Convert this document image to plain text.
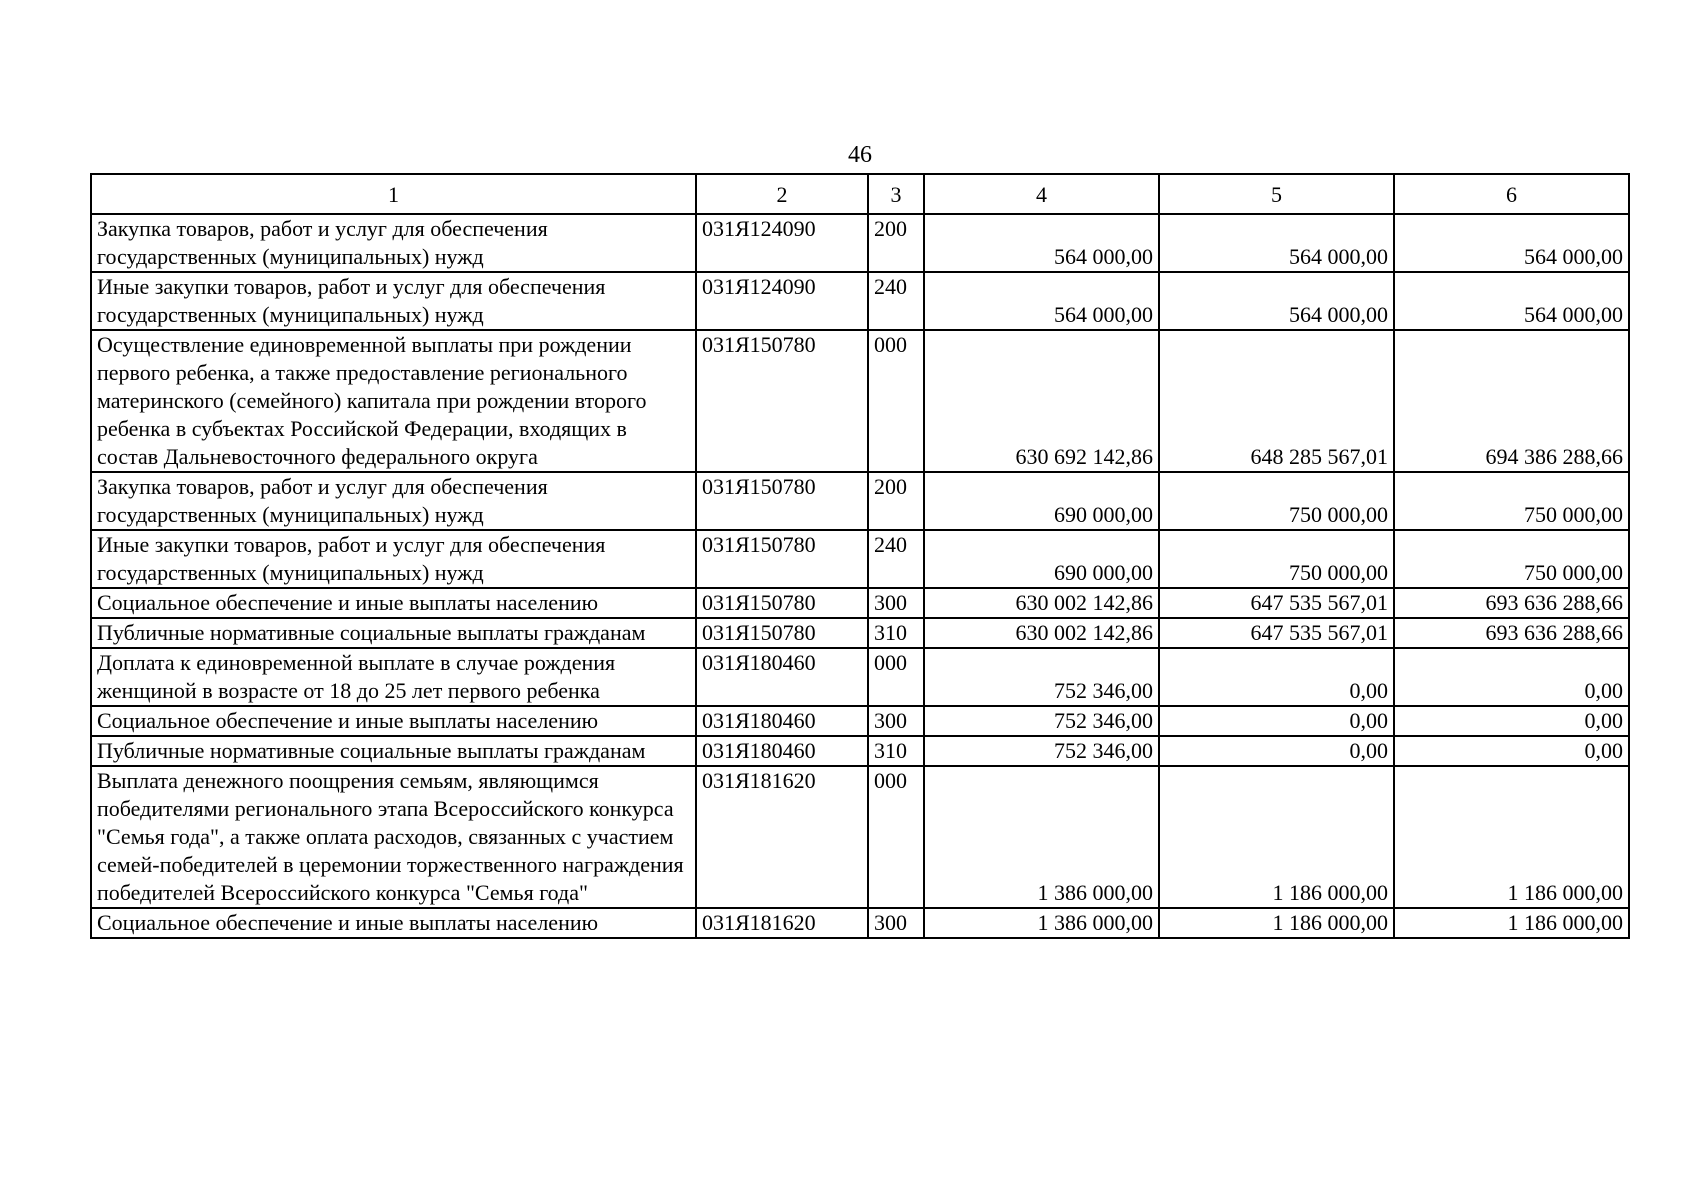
46
1	2	3	4	5	6
Закупка товаров, работ и услуг для обеспечения государственных (муниципальных) нужд	031Я124090	200	564 000,00	564 000,00	564 000,00
Иные закупки товаров, работ и услуг для обеспечения государственных (муниципальных) нужд	031Я124090	240	564 000,00	564 000,00	564 000,00
Осуществление единовременной выплаты при рождении первого ребенка, а также предоставление регионального материнского (семейного) капитала при рождении второго ребенка в субъектах Российской Федерации, входящих в состав Дальневосточного федерального округа	031Я150780	000	630 692 142,86	648 285 567,01	694 386 288,66
Закупка товаров, работ и услуг для обеспечения государственных (муниципальных) нужд	031Я150780	200	690 000,00	750 000,00	750 000,00
Иные закупки товаров, работ и услуг для обеспечения государственных (муниципальных) нужд	031Я150780	240	690 000,00	750 000,00	750 000,00
Социальное обеспечение и иные выплаты населению	031Я150780	300	630 002 142,86	647 535 567,01	693 636 288,66
Публичные нормативные социальные выплаты гражданам	031Я150780	310	630 002 142,86	647 535 567,01	693 636 288,66
Доплата к единовременной выплате в случае рождения женщиной в возрасте от 18 до 25 лет первого ребенка	031Я180460	000	752 346,00	0,00	0,00
Социальное обеспечение и иные выплаты населению	031Я180460	300	752 346,00	0,00	0,00
Публичные нормативные социальные выплаты гражданам	031Я180460	310	752 346,00	0,00	0,00
Выплата денежного поощрения семьям, являющимся победителями регионального этапа Всероссийского конкурса "Семья года", а также оплата расходов, связанных с участием семей-победителей в церемонии торжественного награждения победителей Всероссийского конкурса "Семья года"	031Я181620	000	1 386 000,00	1 186 000,00	1 186 000,00
Социальное обеспечение и иные выплаты населению	031Я181620	300	1 386 000,00	1 186 000,00	1 186 000,00
